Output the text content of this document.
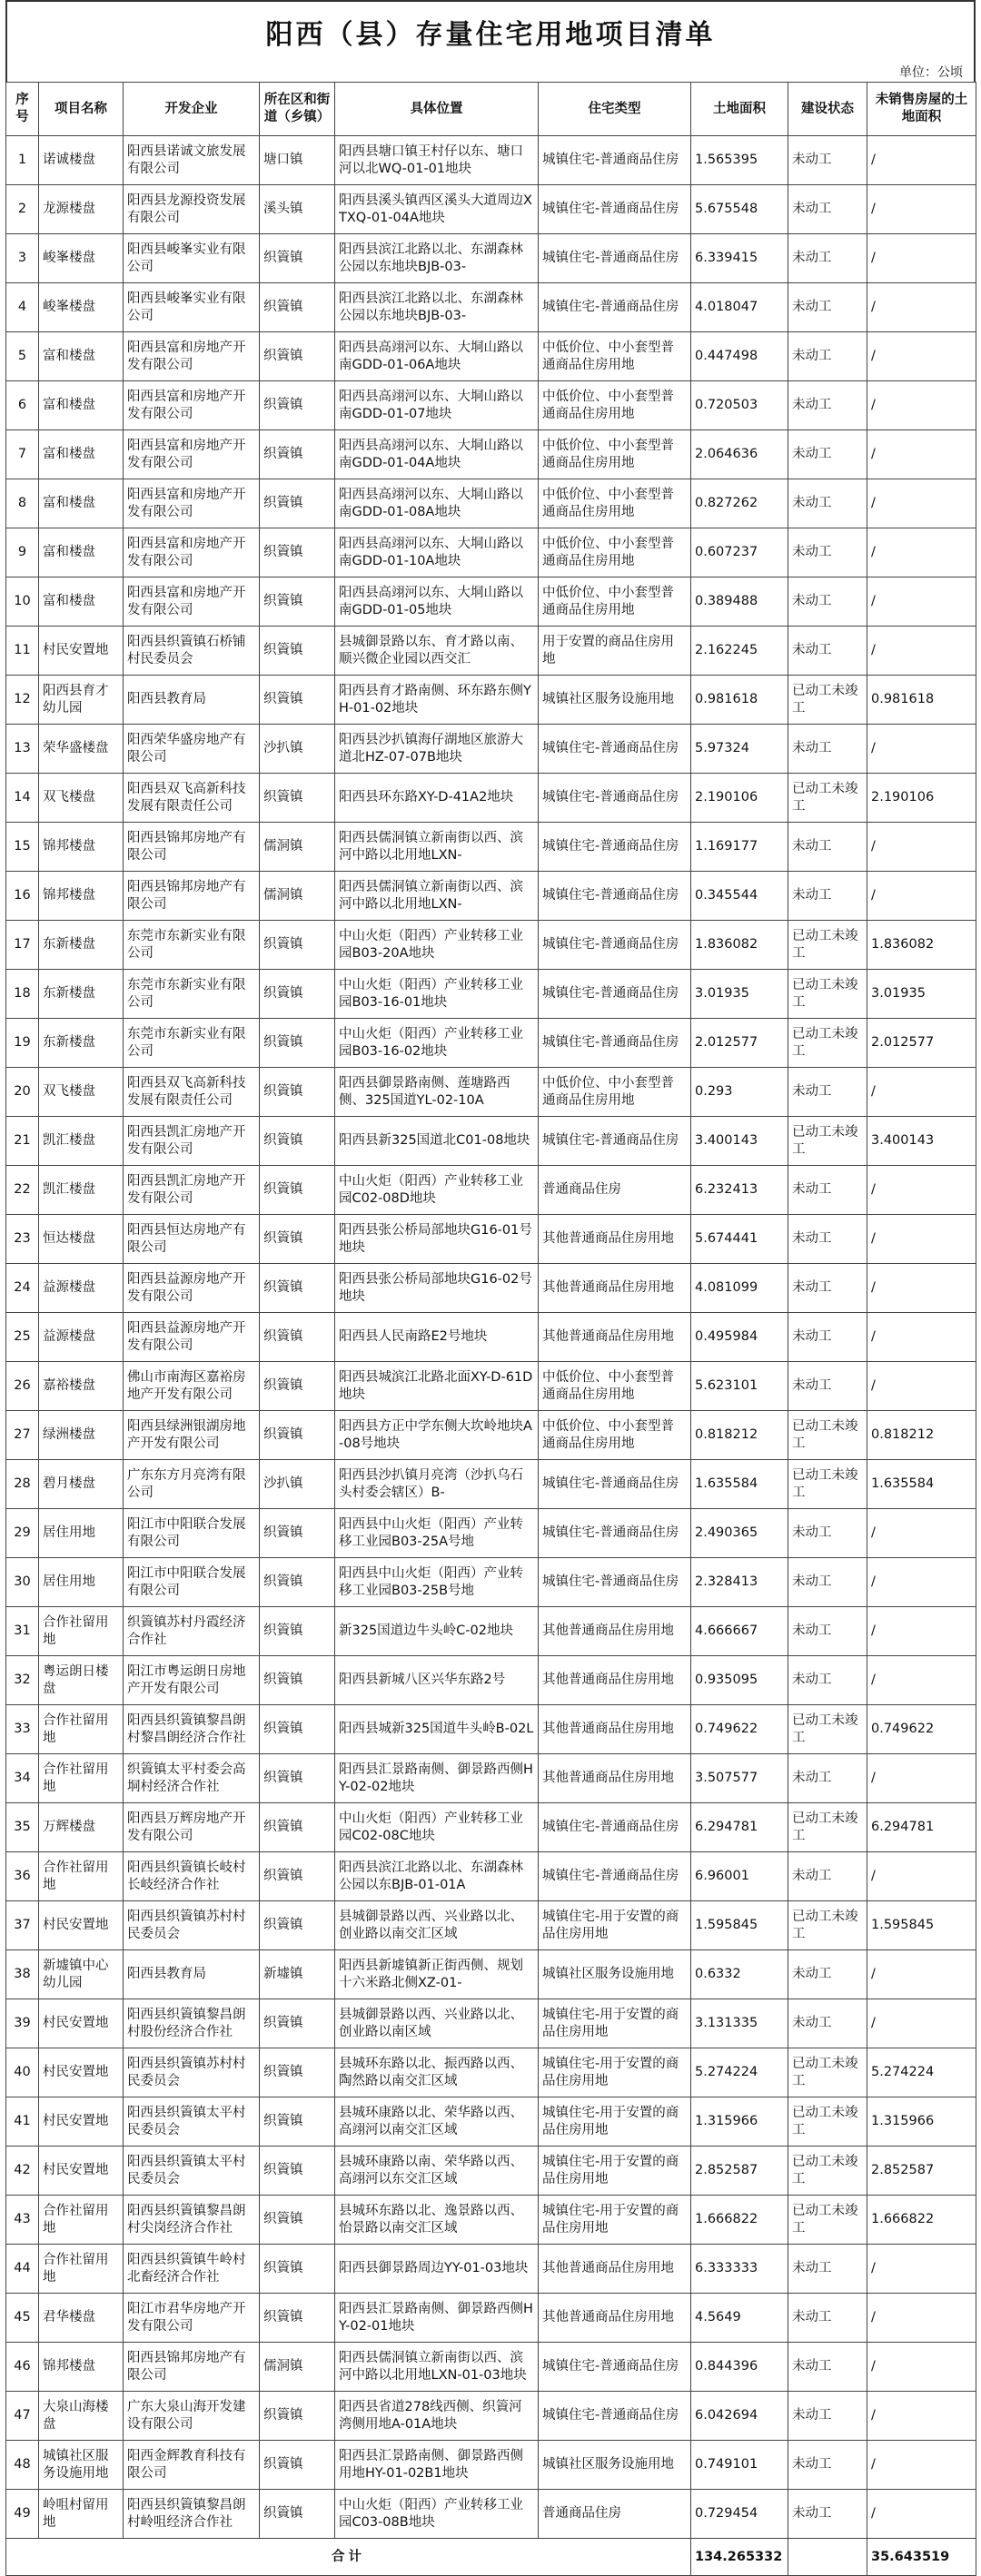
阳西（县）存量住宅用地项目清单
单位：公顷
序号	项目名称	开发企业	所在区和街道（乡镇）	具体位置	住宅类型	土地面积	建设状态	未销售房屋的土地面积

1	诺诚楼盘	阳西县诺诚文旅发展有限公司	塘口镇	阳西县塘口镇王村仔以东、塘口河以北WQ-01-01地块	城镇住宅-普通商品住房	1.565395	未动工	/

2	龙源楼盘	阳西县龙源投资发展有限公司	溪头镇	阳西县溪头镇西区溪头大道周边XTXQ-01-04A地块	城镇住宅-普通商品住房	5.675548	未动工	/

3	峻峯楼盘	阳西县峻峯实业有限公司	织篢镇	阳西县滨江北路以北、东湖森林公园以东地块BJB-03-	城镇住宅-普通商品住房	6.339415	未动工	/

4	峻峯楼盘	阳西县峻峯实业有限公司	织篢镇	阳西县滨江北路以北、东湖森林公园以东地块BJB-03-	城镇住宅-普通商品住房	4.018047	未动工	/

5	富和楼盘	阳西县富和房地产开发有限公司	织篢镇	阳西县高翊河以东、大垌山路以南GDD-01-06A地块	中低价位、中小套型普通商品住房用地	0.447498	未动工	/

6	富和楼盘	阳西县富和房地产开发有限公司	织篢镇	阳西县高翊河以东、大垌山路以南GDD-01-07地块	中低价位、中小套型普通商品住房用地	0.720503	未动工	/

7	富和楼盘	阳西县富和房地产开发有限公司	织篢镇	阳西县高翊河以东、大垌山路以南GDD-01-04A地块	中低价位、中小套型普通商品住房用地	2.064636	未动工	/

8	富和楼盘	阳西县富和房地产开发有限公司	织篢镇	阳西县高翊河以东、大垌山路以南GDD-01-08A地块	中低价位、中小套型普通商品住房用地	0.827262	未动工	/

9	富和楼盘	阳西县富和房地产开发有限公司	织篢镇	阳西县高翊河以东、大垌山路以南GDD-01-10A地块	中低价位、中小套型普通商品住房用地	0.607237	未动工	/

10	富和楼盘	阳西县富和房地产开发有限公司	织篢镇	阳西县高翊河以东、大垌山路以南GDD-01-05地块	中低价位、中小套型普通商品住房用地	0.389488	未动工	/

11	村民安置地	阳西县织篢镇石桥铺村民委员会	织篢镇	县城御景路以东、育才路以南、顺兴微企业园以西交汇	用于安置的商品住房用地	2.162245	未动工	/

12	阳西县育才幼儿园	阳西县教育局	织篢镇	阳西县育才路南侧、环东路东侧YH-01-02地块	城镇社区服务设施用地	0.981618	已动工未竣工	0.981618

13	荣华盛楼盘	阳西荣华盛房地产有限公司	沙扒镇	阳西县沙扒镇海仔湖地区旅游大道北HZ-07-07B地块	城镇住宅-普通商品住房	5.97324	未动工	/

14	双飞楼盘	阳西县双飞高新科技发展有限责任公司	织篢镇	阳西县环东路XY-D-41A2地块	城镇住宅-普通商品住房	2.190106	已动工未竣工	2.190106

15	锦邦楼盘	阳西县锦邦房地产有限公司	儒洞镇	阳西县儒洞镇立新南街以西、滨河中路以北用地LXN-	城镇住宅-普通商品住房	1.169177	未动工	/

16	锦邦楼盘	阳西县锦邦房地产有限公司	儒洞镇	阳西县儒洞镇立新南街以西、滨河中路以北用地LXN-	城镇住宅-普通商品住房	0.345544	未动工	/

17	东新楼盘	东莞市东新实业有限公司	织篢镇	中山火炬（阳西）产业转移工业园B03-20A地块	城镇住宅-普通商品住房	1.836082	已动工未竣工	1.836082

18	东新楼盘	东莞市东新实业有限公司	织篢镇	中山火炬（阳西）产业转移工业园B03-16-01地块	城镇住宅-普通商品住房	3.01935	已动工未竣工	3.01935

19	东新楼盘	东莞市东新实业有限公司	织篢镇	中山火炬（阳西）产业转移工业园B03-16-02地块	城镇住宅-普通商品住房	2.012577	已动工未竣工	2.012577

20	双飞楼盘	阳西县双飞高新科技发展有限责任公司	织篢镇	阳西县御景路南侧、莲塘路西侧、325国道YL-02-10A	中低价位、中小套型普通商品住房用地	0.293	未动工	/

21	凯汇楼盘	阳西县凯汇房地产开发有限公司	织篢镇	阳西县新325国道北C01-08地块	城镇住宅-普通商品住房	3.400143	已动工未竣工	3.400143

22	凯汇楼盘	阳西县凯汇房地产开发有限公司	织篢镇	中山火炬（阳西）产业转移工业园C02-08D地块	普通商品住房	6.232413	未动工	/

23	恒达楼盘	阳西县恒达房地产有限公司	织篢镇	阳西县张公桥局部地块G16-01号地块	其他普通商品住房用地	5.674441	未动工	/

24	益源楼盘	阳西县益源房地产开发有限公司	织篢镇	阳西县张公桥局部地块G16-02号地块	其他普通商品住房用地	4.081099	未动工	/

25	益源楼盘	阳西县益源房地产开发有限公司	织篢镇	阳西县人民南路E2号地块	其他普通商品住房用地	0.495984	未动工	/

26	嘉裕楼盘	佛山市南海区嘉裕房地产开发有限公司	织篢镇	阳西县城滨江北路北面XY-D-61D地块	中低价位、中小套型普通商品住房用地	5.623101	未动工	/

27	绿洲楼盘	阳西县绿洲银湖房地产开发有限公司	织篢镇	阳西县方正中学东侧大坎岭地块A-08号地块	中低价位、中小套型普通商品住房用地	0.818212	已动工未竣工	0.818212

28	碧月楼盘	广东东方月亮湾有限公司	沙扒镇	阳西县沙扒镇月亮湾（沙扒乌石头村委会辖区）B-	城镇住宅-普通商品住房	1.635584	已动工未竣工	1.635584

29	居住用地	阳江市中阳联合发展有限公司	织篢镇	阳西县中山火炬（阳西）产业转移工业园B03-25A号地	城镇住宅-普通商品住房	2.490365	未动工	/

30	居住用地	阳江市中阳联合发展有限公司	织篢镇	阳西县中山火炬（阳西）产业转移工业园B03-25B号地	城镇住宅-普通商品住房	2.328413	未动工	/

31	合作社留用地	织篢镇苏村丹霞经济合作社	织篢镇	新325国道边牛头岭C-02地块	其他普通商品住房用地	4.666667	未动工	/

32	粤运朗日楼盘	阳江市粤运朗日房地产开发有限公司	织篢镇	阳西县新城八区兴华东路2号	其他普通商品住房用地	0.935095	未动工	/

33	合作社留用地	阳西县织篢镇黎昌朗村黎昌朗经济合作社	织篢镇	阳西县城新325国道牛头岭B-02L	其他普通商品住房用地	0.749622	已动工未竣工	0.749622

34	合作社留用地	织篢镇太平村委会高垌村经济合作社	织篢镇	阳西县汇景路南侧、御景路西侧HY-02-02地块	其他普通商品住房用地	3.507577	未动工	/

35	万辉楼盘	阳西县万辉房地产开发有限公司	织篢镇	中山火炬（阳西）产业转移工业园C02-08C地块	城镇住宅-普通商品住房	6.294781	已动工未竣工	6.294781

36	合作社留用地	阳西县织篢镇长岐村长岐经济合作社	织篢镇	阳西县滨江北路以北、东湖森林公园以东BJB-01-01A	城镇住宅-普通商品住房	6.96001	未动工	/

37	村民安置地	阳西县织篢镇苏村村民委员会	织篢镇	县城御景路以西、兴业路以北、创业路以南交汇区域	城镇住宅-用于安置的商品住房用地	1.595845	已动工未竣工	1.595845

38	新墟镇中心幼儿园	阳西县教育局	新墟镇	阳西县新墟镇新正街西侧、规划十六米路北侧XZ-01-	城镇社区服务设施用地	0.6332	未动工	/

39	村民安置地	阳西县织篢镇黎昌朗村股份经济合作社	织篢镇	县城御景路以西、兴业路以北、创业路以南区域	城镇住宅-用于安置的商品住房用地	3.131335	未动工	/

40	村民安置地	阳西县织篢镇苏村村民委员会	织篢镇	县城环东路以北、振西路以西、陶然路以南交汇区域	城镇住宅-用于安置的商品住房用地	5.274224	已动工未竣工	5.274224

41	村民安置地	阳西县织篢镇太平村民委员会	织篢镇	县城环康路以北、荣华路以西、高翊河以南交汇区域	城镇住宅-用于安置的商品住房用地	1.315966	已动工未竣工	1.315966

42	村民安置地	阳西县织篢镇太平村民委员会	织篢镇	县城环康路以南、荣华路以西、高翊河以东交汇区域	城镇住宅-用于安置的商品住房用地	2.852587	已动工未竣工	2.852587

43	合作社留用地	阳西县织篢镇黎昌朗村尖岗经济合作社	织篢镇	县城环东路以北、逸景路以西、怡景路以南交汇区域	城镇住宅-用于安置的商品住房用地	1.666822	已动工未竣工	1.666822

44	合作社留用地	阳西县织篢镇牛岭村北畜经济合作社	织篢镇	阳西县御景路周边YY-01-03地块	其他普通商品住房用地	6.333333	未动工	/

45	君华楼盘	阳江市君华房地产开发有限公司	织篢镇	阳西县汇景路南侧、御景路西侧HY-02-01地块	其他普通商品住房用地	4.5649	未动工	/

46	锦邦楼盘	阳西县锦邦房地产有限公司	儒洞镇	阳西县儒洞镇立新南街以西、滨河中路以北用地LXN-01-03地块	城镇住宅-普通商品住房	0.844396	未动工	/

47	大泉山海楼盘	广东大泉山海开发建设有限公司	织篢镇	阳西县省道278线西侧、织篢河湾侧用地A-01A地块	城镇住宅-普通商品住房	6.042694	未动工	/

48	城镇社区服务设施用地	阳西金辉教育科技有限公司	织篢镇	阳西县汇景路南侧、御景路西侧用地HY-01-02B1地块	城镇社区服务设施用地	0.749101	未动工	/

49	岭咀村留用地	阳西县织篢镇黎昌朗村岭咀经济合作社	织篢镇	中山火炬（阳西）产业转移工业园C03-08B地块	普通商品住房	0.729454	未动工	/

合计						134.265332		35.643519
